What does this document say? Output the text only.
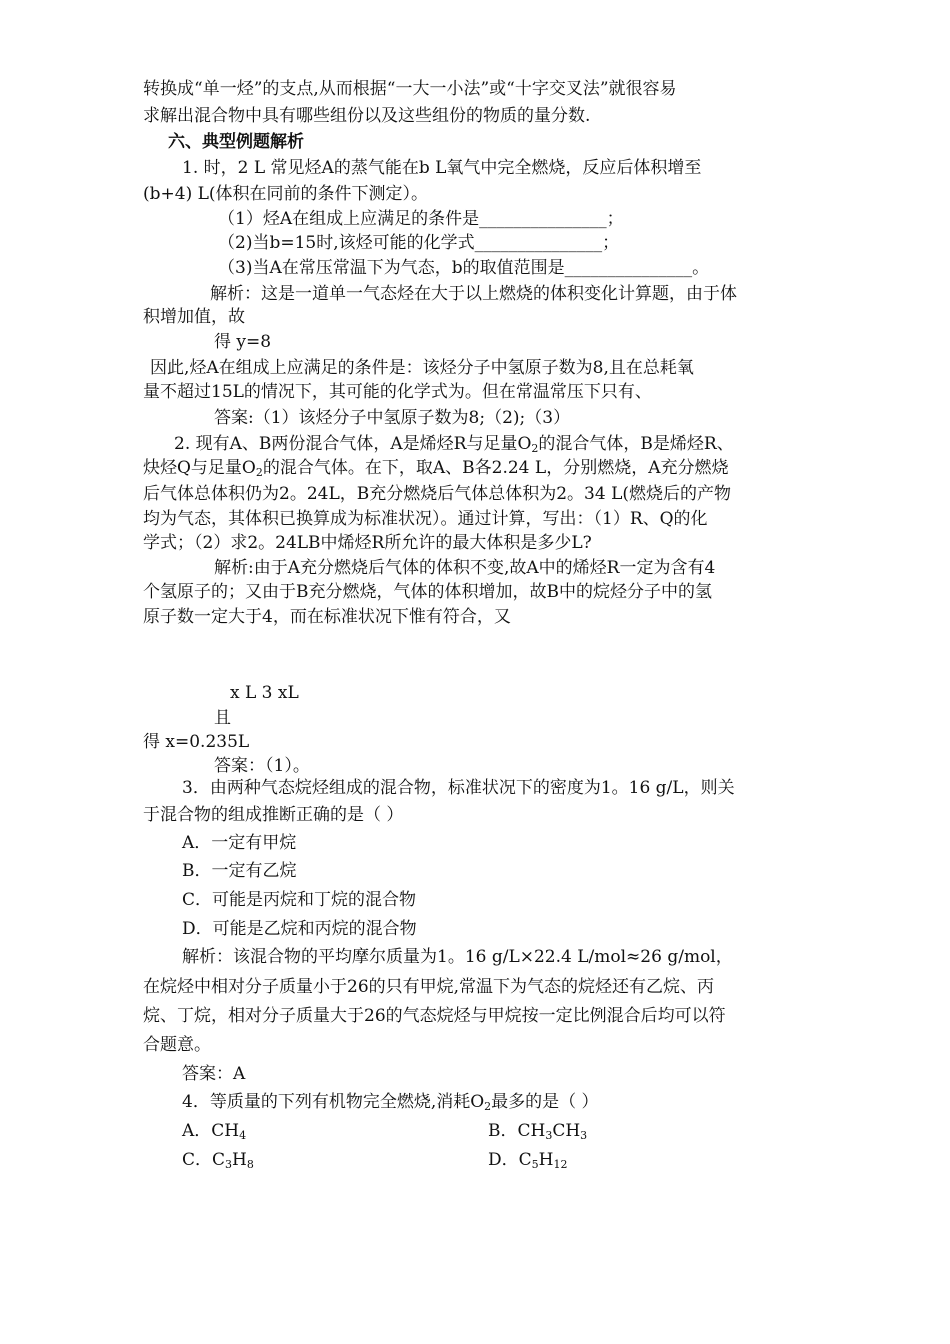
转换成“单一烃”的支点,从而根据“一大一小法”或“十字交叉法”就很容易
求解出混合物中具有哪些组份以及这些组份的物质的量分数.
六、典型例题解析
1. 时，2 L 常见烃A的蒸气能在b L氧气中完全燃烧，反应后体积增至
(b+4) L(体积在同前的条件下测定）。
（1）烃A在组成上应满足的条件是_______________；
（2)当b=15时,该烃可能的化学式_______________；
（3)当A在常压常温下为气态，b的取值范围是_______________。
解析：这是一道单一气态烃在大于以上燃烧的体积变化计算题，由于体
积增加值，故
得 y=8
因此,烃A在组成上应满足的条件是：该烃分子中氢原子数为8,且在总耗氧
量不超过15L的情况下，其可能的化学式为。但在常温常压下只有、
答案:（1）该烃分子中氢原子数为8;（2);（3）
2. 现有A、B两份混合气体，A是烯烃R与足量$O_2$的混合气体，B是烯烃R、
炔烃Q与足量$O_2$的混合气体。在下，取A、B各2.24 L，分别燃烧，A充分燃烧
后气体总体积仍为2。24L，B充分燃烧后气体总体积为2。34 L(燃烧后的产物
均为气态，其体积已换算成为标准状况）。通过计算，写出：（1）R、Q的化
学式；（2）求2。24LB中烯烃R所允许的最大体积是多少L?
解析:由于A充分燃烧后气体的体积不变,故A中的烯烃R一定为含有4
个氢原子的；又由于B充分燃烧，气体的体积增加，故B中的烷烃分子中的氢
原子数一定大于4，而在标准状况下惟有符合，又
x L 3 xL
且
得 x=0.235L
答案：（1）。
3．由两种气态烷烃组成的混合物，标准状况下的密度为1。16 g/L，则关
于混合物的组成推断正确的是（ ）
A．一定有甲烷
B．一定有乙烷
C．可能是丙烷和丁烷的混合物
D．可能是乙烷和丙烷的混合物
解析：该混合物的平均摩尔质量为1。16 g/L×22.4 L/mol≈26 g/mol，
在烷烃中相对分子质量小于26的只有甲烷,常温下为气态的烷烃还有乙烷、丙
烷、丁烷，相对分子质量大于26的气态烷烃与甲烷按一定比例混合后均可以符
合题意。
答案：A
4．等质量的下列有机物完全燃烧,消耗$O_2$最多的是（ ）
A．$CH_4$	B．$CH_3CH_3$
C．$C_3H_8$	D．$C_5H_{12}$
